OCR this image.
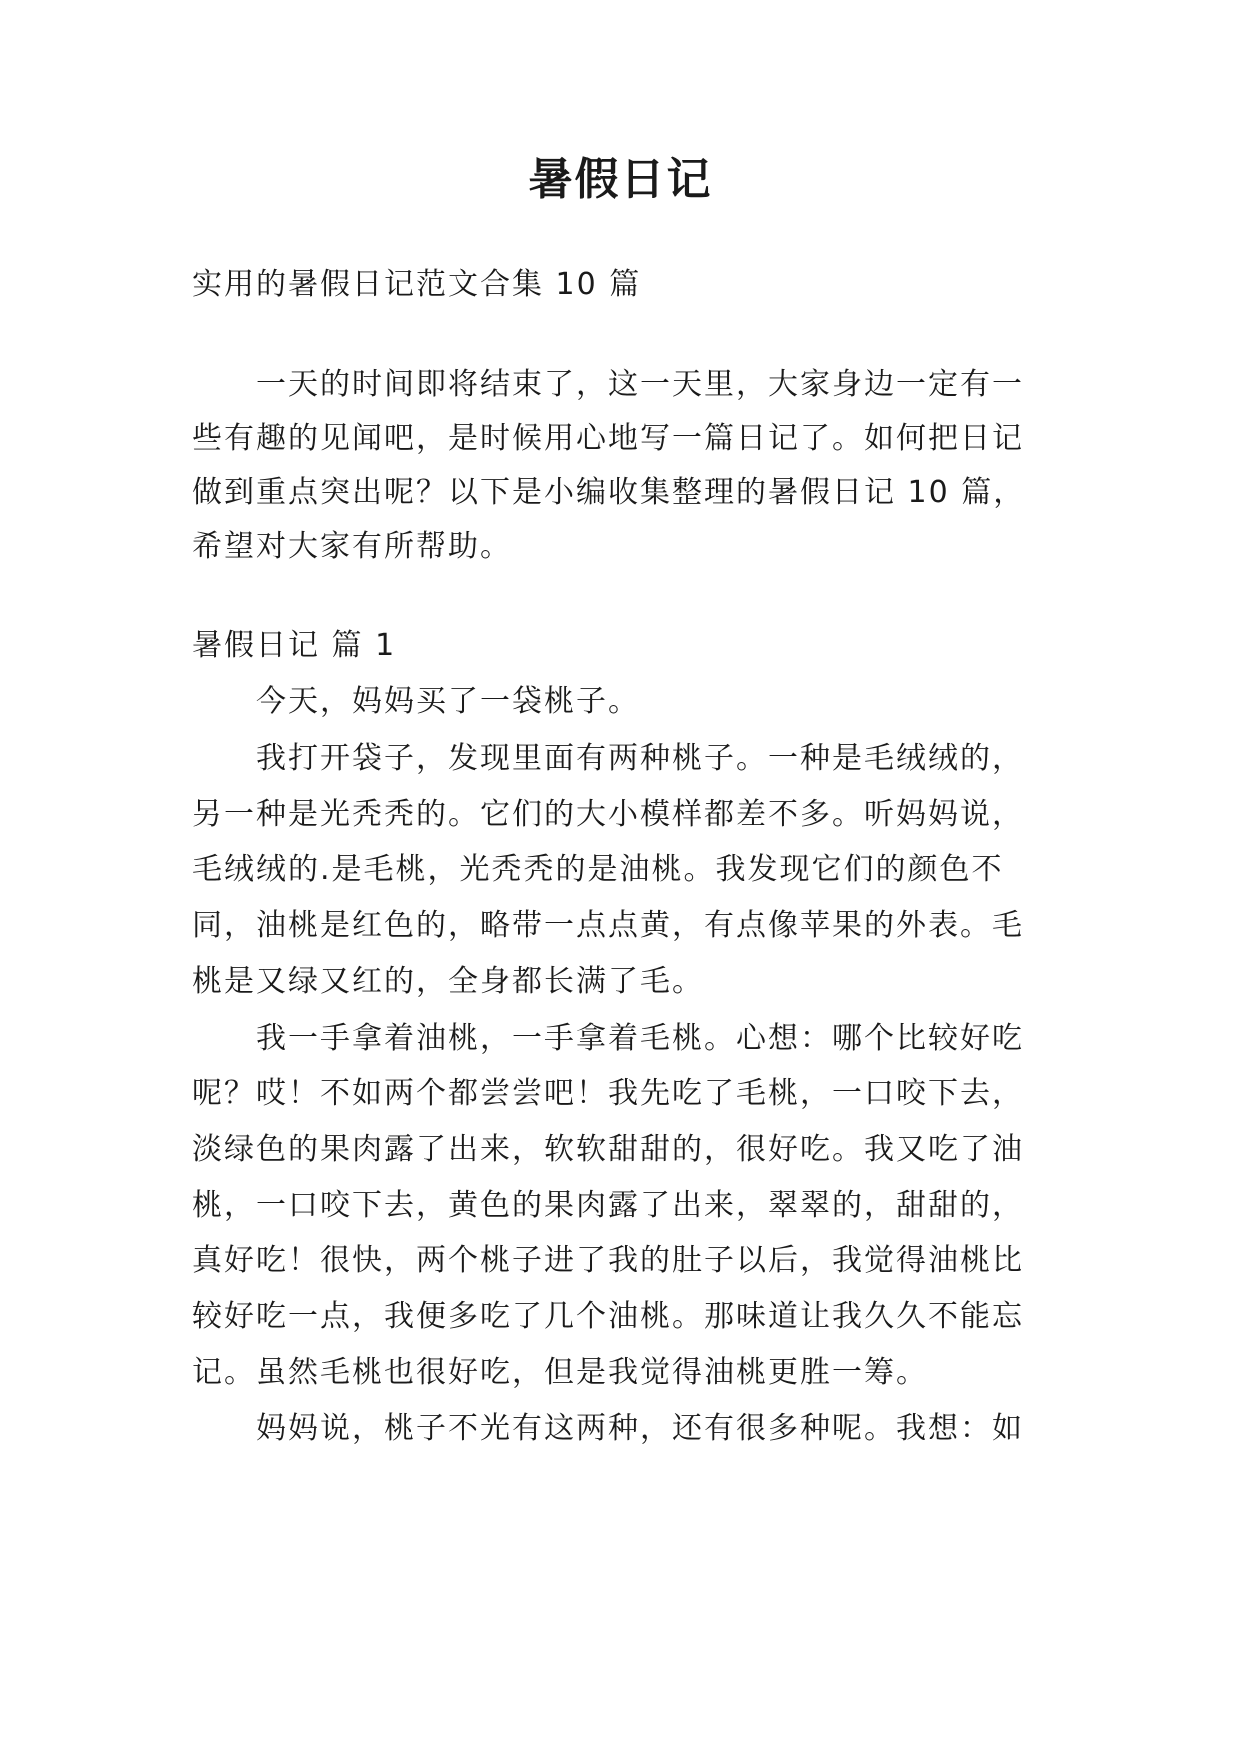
暑假日记
实用的暑假日记范文合集 10 篇
一天的时间即将结束了，这一天里，大家身边一定有一
些有趣的见闻吧，是时候用心地写一篇日记了。如何把日记
做到重点突出呢？以下是小编收集整理的暑假日记 10 篇，
希望对大家有所帮助。
暑假日记 篇 1
今天，妈妈买了一袋桃子。
我打开袋子，发现里面有两种桃子。一种是毛绒绒的，
另一种是光秃秃的。它们的大小模样都差不多。听妈妈说，
毛绒绒的.是毛桃，光秃秃的是油桃。我发现它们的颜色不
同，油桃是红色的，略带一点点黄，有点像苹果的外表。毛
桃是又绿又红的，全身都长满了毛。
我一手拿着油桃，一手拿着毛桃。心想：哪个比较好吃
呢？哎！不如两个都尝尝吧！我先吃了毛桃，一口咬下去，
淡绿色的果肉露了出来，软软甜甜的，很好吃。我又吃了油
桃，一口咬下去，黄色的果肉露了出来，翠翠的，甜甜的，
真好吃！很快，两个桃子进了我的肚子以后，我觉得油桃比
较好吃一点，我便多吃了几个油桃。那味道让我久久不能忘
记。虽然毛桃也很好吃，但是我觉得油桃更胜一筹。
妈妈说，桃子不光有这两种，还有很多种呢。我想：如
